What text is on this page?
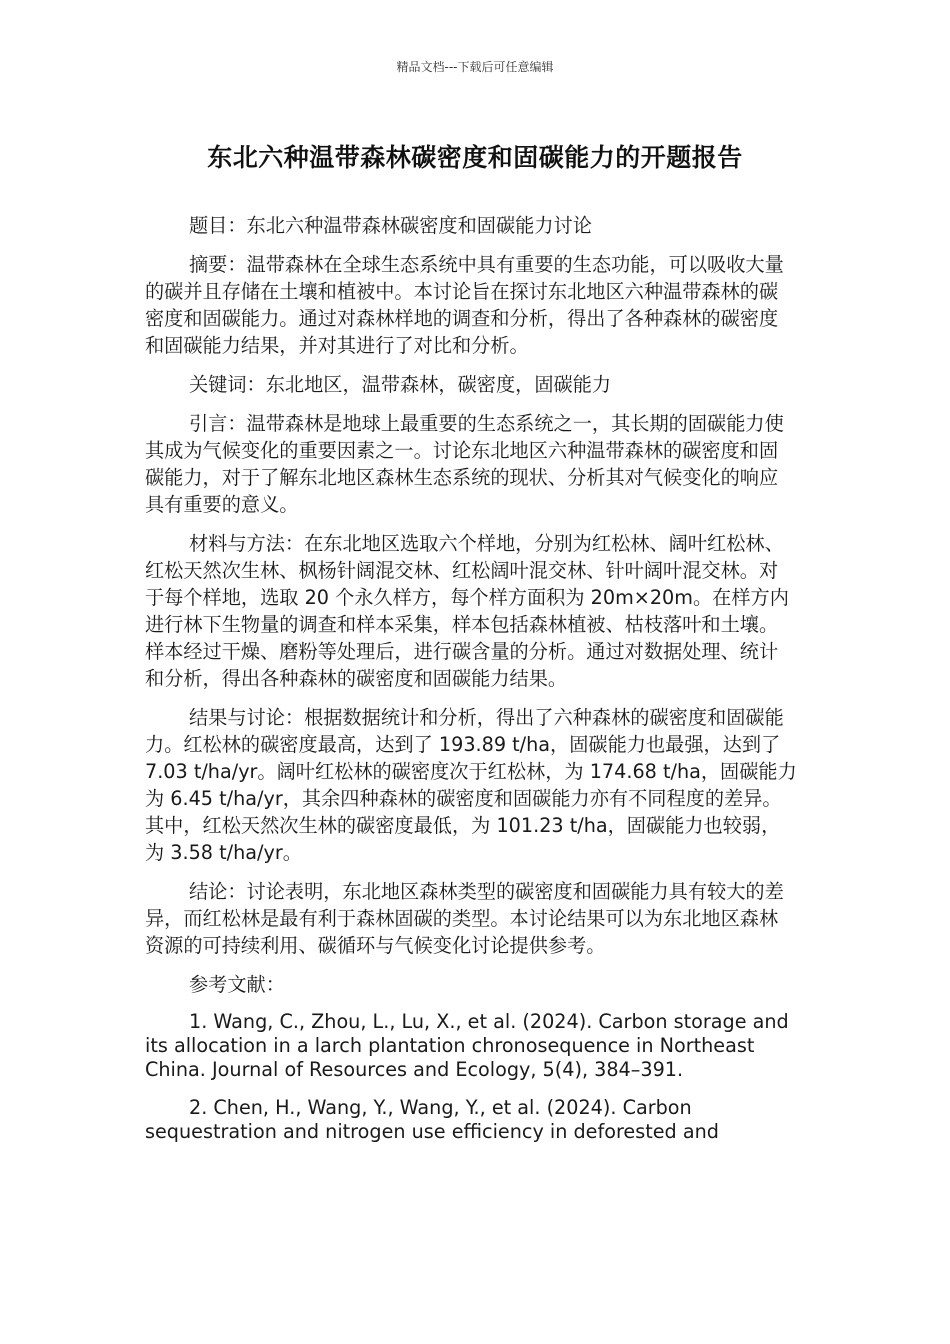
精品文档---下载后可任意编辑
东北六种温带森林碳密度和固碳能力的开题报告

题目：东北六种温带森林碳密度和固碳能力讨论

摘要：温带森林在全球生态系统中具有重要的生态功能，可以吸收大量的碳并且存储在土壤和植被中。本讨论旨在探讨东北地区六种温带森林的碳密度和固碳能力。通过对森林样地的调查和分析，得出了各种森林的碳密度和固碳能力结果，并对其进行了对比和分析。

关键词：东北地区，温带森林，碳密度，固碳能力

引言：温带森林是地球上最重要的生态系统之一，其长期的固碳能力使其成为气候变化的重要因素之一。讨论东北地区六种温带森林的碳密度和固碳能力，对于了解东北地区森林生态系统的现状、分析其对气候变化的响应具有重要的意义。

材料与方法：在东北地区选取六个样地，分别为红松林、阔叶红松林、红松天然次生林、枫杨针阔混交林、红松阔叶混交林、针叶阔叶混交林。对于每个样地，选取 20 个永久样方，每个样方面积为 20m×20m。在样方内进行林下生物量的调查和样本采集，样本包括森林植被、枯枝落叶和土壤。样本经过干燥、磨粉等处理后，进行碳含量的分析。通过对数据处理、统计和分析，得出各种森林的碳密度和固碳能力结果。

结果与讨论：根据数据统计和分析，得出了六种森林的碳密度和固碳能力。红松林的碳密度最高，达到了 193.89 t/ha，固碳能力也最强，达到了 7.03 t/ha/yr。阔叶红松林的碳密度次于红松林，为 174.68 t/ha，固碳能力为 6.45 t/ha/yr，其余四种森林的碳密度和固碳能力亦有不同程度的差异。其中，红松天然次生林的碳密度最低，为 101.23 t/ha，固碳能力也较弱，为 3.58 t/ha/yr。

结论：讨论表明，东北地区森林类型的碳密度和固碳能力具有较大的差异，而红松林是最有利于森林固碳的类型。本讨论结果可以为东北地区森林资源的可持续利用、碳循环与气候变化讨论提供参考。

参考文献：

1. Wang, C., Zhou, L., Lu, X., et al. (2024). Carbon storage and its allocation in a larch plantation chronosequence in Northeast China. Journal of Resources and Ecology, 5(4), 384–391.

2. Chen, H., Wang, Y., Wang, Y., et al. (2024). Carbon sequestration and nitrogen use efficiency in deforested and
